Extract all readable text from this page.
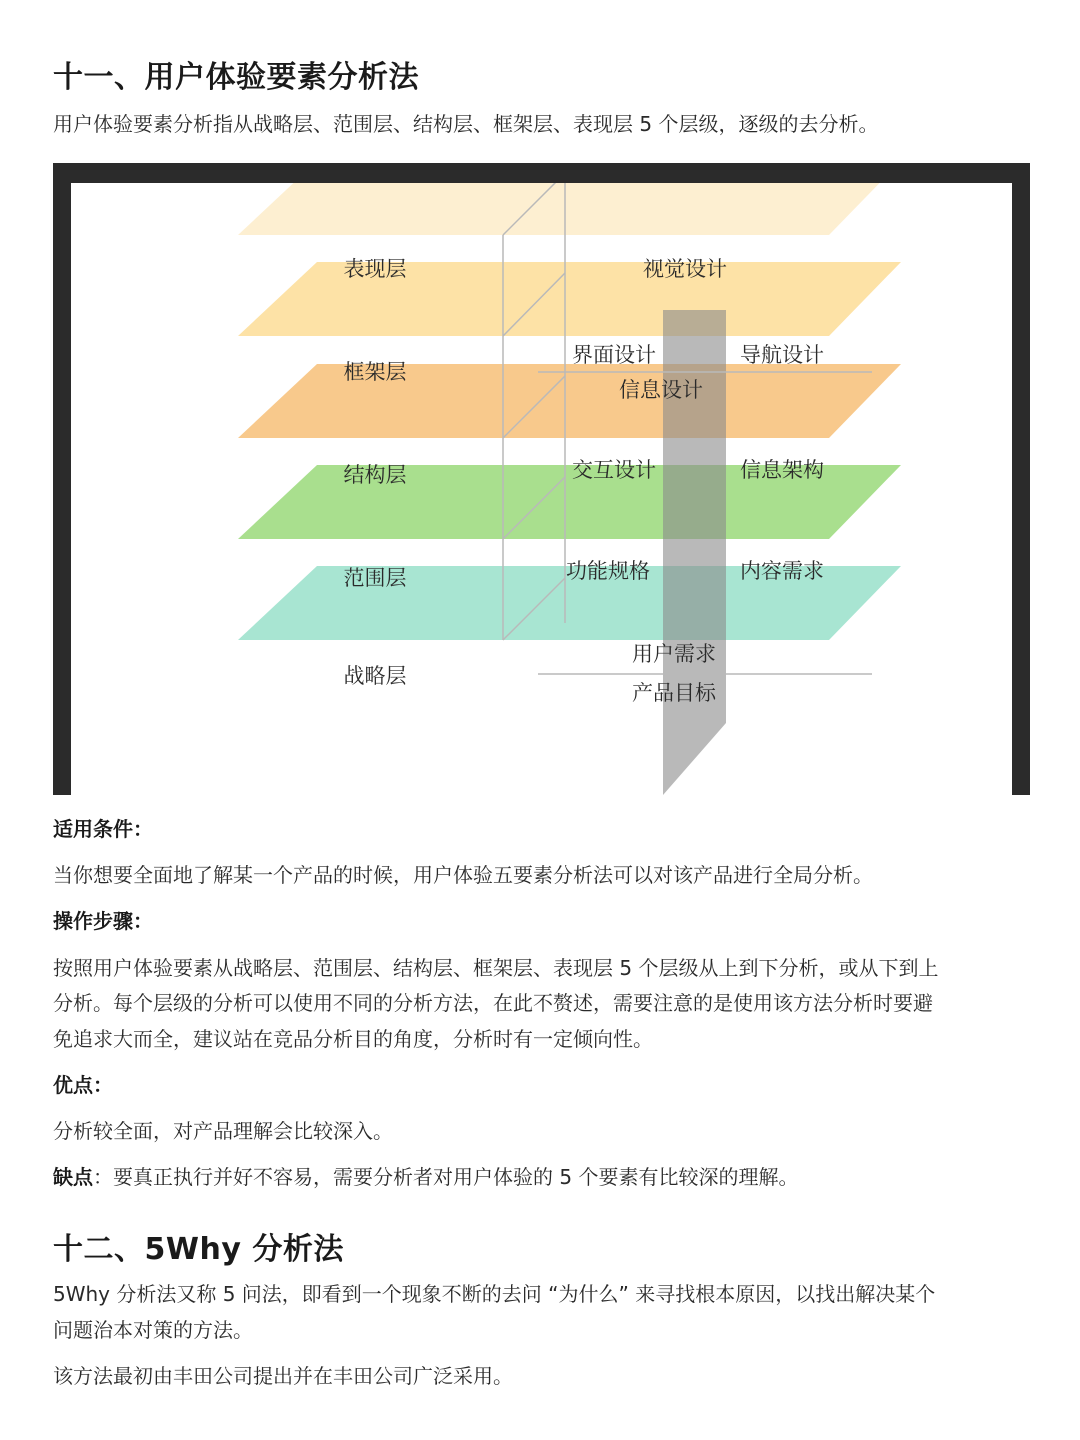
十一、用户体验要素分析法

用户体验要素分析指从战略层、范围层、结构层、框架层、表现层 5 个层级，逐级的去分析。

表现层
框架层
结构层
范围层
战略层
视觉设计
界面设计	导航设计
信息设计
交互设计	信息架构
功能规格	内容需求
用户需求
产品目标

适用条件：

当你想要全面地了解某一个产品的时候，用户体验五要素分析法可以对该产品进行全局分析。

操作步骤：

按照用户体验要素从战略层、范围层、结构层、框架层、表现层 5 个层级从上到下分析，或从下到上

分析。每个层级的分析可以使用不同的分析方法，在此不赘述，需要注意的是使用该方法分析时要避

免追求大而全，建议站在竞品分析目的角度，分析时有一定倾向性。

优点：

分析较全面，对产品理解会比较深入。

缺点：要真正执行并好不容易，需要分析者对用户体验的 5 个要素有比较深的理解。

十二、5Why 分析法

5Why 分析法又称 5 问法，即看到一个现象不断的去问 “为什么” 来寻找根本原因，以找出解决某个

问题治本对策的方法。

该方法最初由丰田公司提出并在丰田公司广泛采用。
